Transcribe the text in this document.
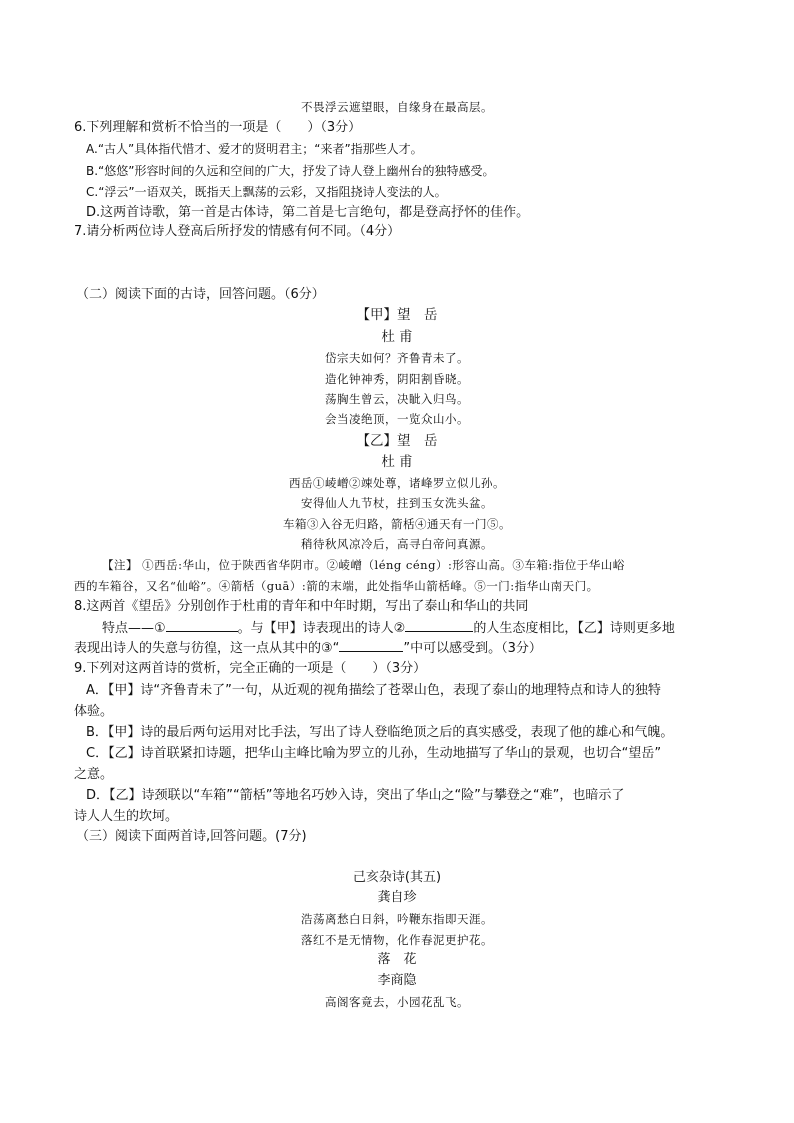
不畏浮云遮望眼，自缘身在最高层。
6.下列理解和赏析不恰当的一项是（　　）（3分）
A.“古人”具体指代惜才、爱才的贤明君主；“来者”指那些人才。
B.“悠悠”形容时间的久远和空间的广大，抒发了诗人登上幽州台的独特感受。
C.“浮云”一语双关，既指天上飘荡的云彩，又指阻挠诗人变法的人。
D.这两首诗歌，第一首是古体诗，第二首是七言绝句，都是登高抒怀的佳作。
7.请分析两位诗人登高后所抒发的情感有何不同。（4分）
（二）阅读下面的古诗，回答问题。（6分）
【甲】望　岳
杜 甫
岱宗夫如何？齐鲁青未了。
造化钟神秀，阴阳割昏晓。
荡胸生曾云，决眦入归鸟。
会当凌绝顶，一览众山小。
【乙】望　岳
杜 甫
西岳①崚嶒②竦处尊，诸峰罗立似儿孙。
安得仙人九节杖，拄到玉女洗头盆。
车箱③入谷无归路，箭栝④通天有一门⑤。
稍待秋风凉冷后，高寻白帝问真源。
【注】 ①西岳:华山，位于陕西省华阴市。②崚嶒（léng céng）:形容山高。③车箱:指位于华山峪
西的车箱谷，又名“仙峪”。④箭栝（guā）:箭的末端，此处指华山箭栝峰。⑤一门:指华山南天门。
8.这两首《望岳》分别创作于杜甫的青年和中年时期，写出了泰山和华山的共同
特点——①	。与【甲】诗表现出的诗人②	的人生态度相比，【乙】诗则更多地
表现出诗人的失意与彷徨，这一点从其中的③“	”中可以感受到。（3分）
9.下列对这两首诗的赏析，完全正确的一项是（　　）（3分）
A．【甲】诗“齐鲁青未了”一句，从近观的视角描绘了苍翠山色，表现了泰山的地理特点和诗人的独特
体验。
B．【甲】诗的最后两句运用对比手法，写出了诗人登临绝顶之后的真实感受，表现了他的雄心和气魄。
C．【乙】诗首联紧扣诗题，把华山主峰比喻为罗立的儿孙，生动地描写了华山的景观，也切合“望岳”
之意。
D．【乙】诗颈联以“车箱”“箭栝”等地名巧妙入诗，突出了华山之“险”与攀登之“难”，也暗示了
诗人人生的坎坷。
（三）阅读下面两首诗,回答问题。(7分)
己亥杂诗(其五)
龚自珍
浩荡离愁白日斜，吟鞭东指即天涯。
落红不是无情物，化作春泥更护花。
落　花
李商隐
高阁客竟去，小园花乱飞。
